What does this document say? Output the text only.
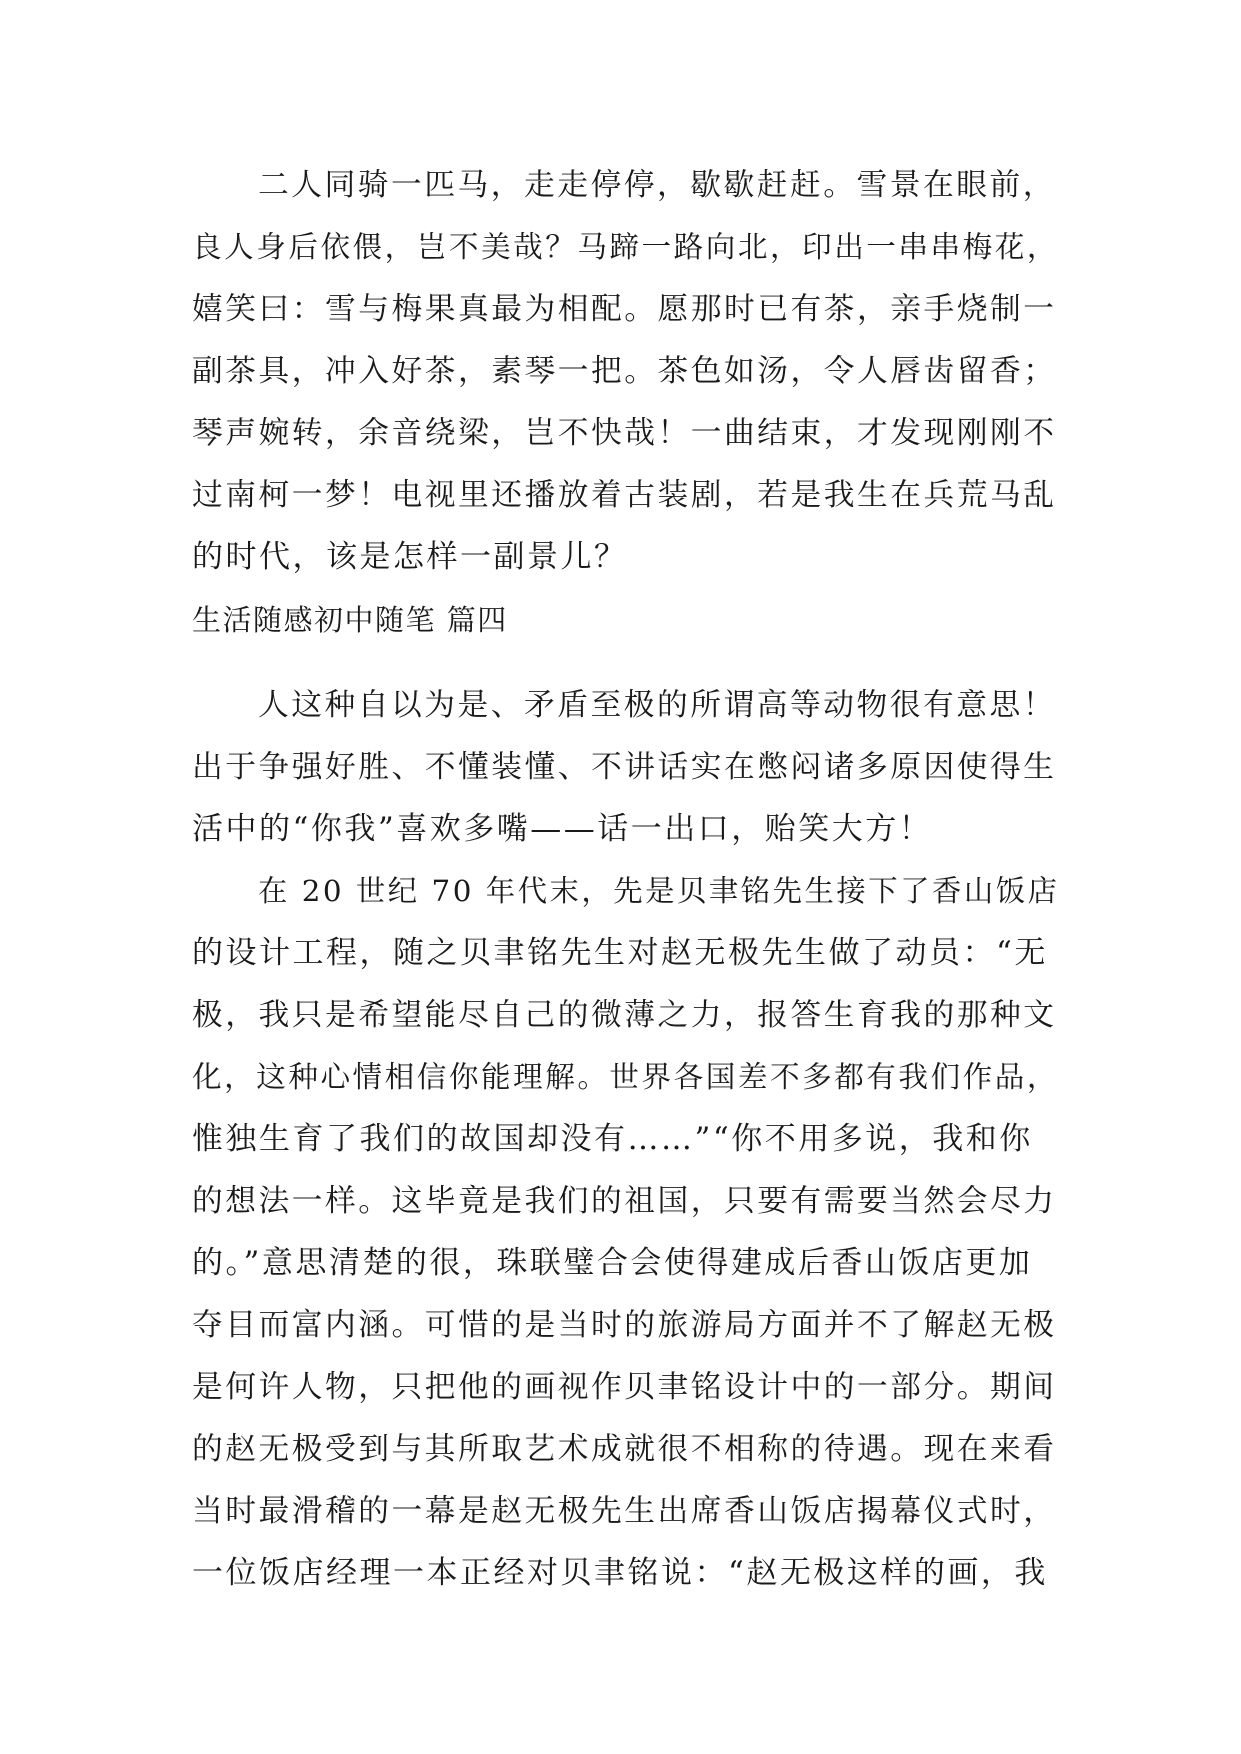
二人同骑一匹马，走走停停，歇歇赶赶。雪景在眼前，
良人身后依偎，岂不美哉？马蹄一路向北，印出一串串梅花，
嬉笑曰：雪与梅果真最为相配。愿那时已有茶，亲手烧制一
副茶具，冲入好茶，素琴一把。茶色如汤，令人唇齿留香；
琴声婉转，余音绕梁，岂不快哉！一曲结束，才发现刚刚不
过南柯一梦！电视里还播放着古装剧，若是我生在兵荒马乱
的时代，该是怎样一副景儿？
生活随感初中随笔 篇四
人这种自以为是、矛盾至极的所谓高等动物很有意思！
出于争强好胜、不懂装懂、不讲话实在憋闷诸多原因使得生
活中的“你我”喜欢多嘴——话一出口，贻笑大方！
在 20 世纪 70 年代末，先是贝聿铭先生接下了香山饭店
的设计工程，随之贝聿铭先生对赵无极先生做了动员：“无
极，我只是希望能尽自己的微薄之力，报答生育我的那种文
化，这种心情相信你能理解。世界各国差不多都有我们作品，
惟独生育了我们的故国却没有……”“你不用多说，我和你
的想法一样。这毕竟是我们的祖国，只要有需要当然会尽力
的。”意思清楚的很，珠联璧合会使得建成后香山饭店更加
夺目而富内涵。可惜的是当时的旅游局方面并不了解赵无极
是何许人物，只把他的画视作贝聿铭设计中的一部分。期间
的赵无极受到与其所取艺术成就很不相称的待遇。现在来看
当时最滑稽的一幕是赵无极先生出席香山饭店揭幕仪式时，
一位饭店经理一本正经对贝聿铭说：“赵无极这样的画，我
